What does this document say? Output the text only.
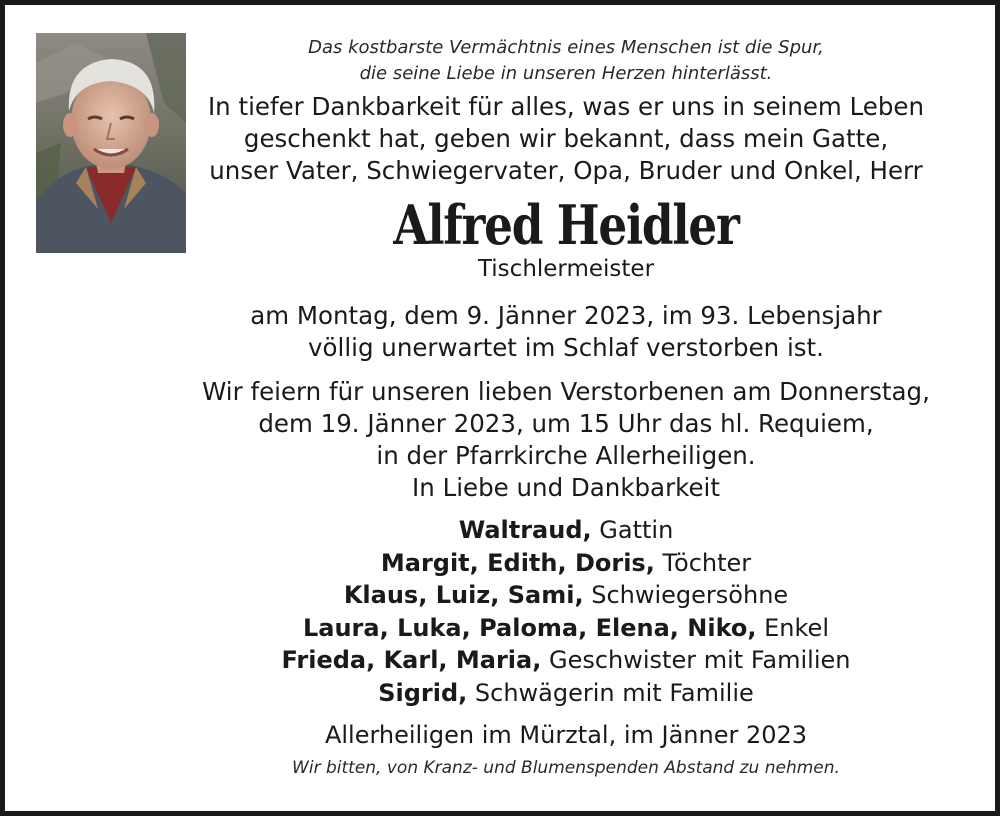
Das kostbarste Vermächtnis eines Menschen ist die Spur,
die seine Liebe in unseren Herzen hinterlässt.
In tiefer Dankbarkeit für alles, was er uns in seinem Leben
geschenkt hat, geben wir bekannt, dass mein Gatte,
unser Vater, Schwiegervater, Opa, Bruder und Onkel, Herr
Alfred Heidler
Tischlermeister
am Montag, dem 9. Jänner 2023, im 93. Lebensjahr
völlig unerwartet im Schlaf verstorben ist.
Wir feiern für unseren lieben Verstorbenen am Donnerstag,
dem 19. Jänner 2023, um 15 Uhr das hl. Requiem,
in der Pfarrkirche Allerheiligen.
In Liebe und Dankbarkeit
Waltraud, Gattin
Margit, Edith, Doris, Töchter
Klaus, Luiz, Sami, Schwiegersöhne
Laura, Luka, Paloma, Elena, Niko, Enkel
Frieda, Karl, Maria, Geschwister mit Familien
Sigrid, Schwägerin mit Familie
Allerheiligen im Mürztal, im Jänner 2023
Wir bitten, von Kranz- und Blumenspenden Abstand zu nehmen.
